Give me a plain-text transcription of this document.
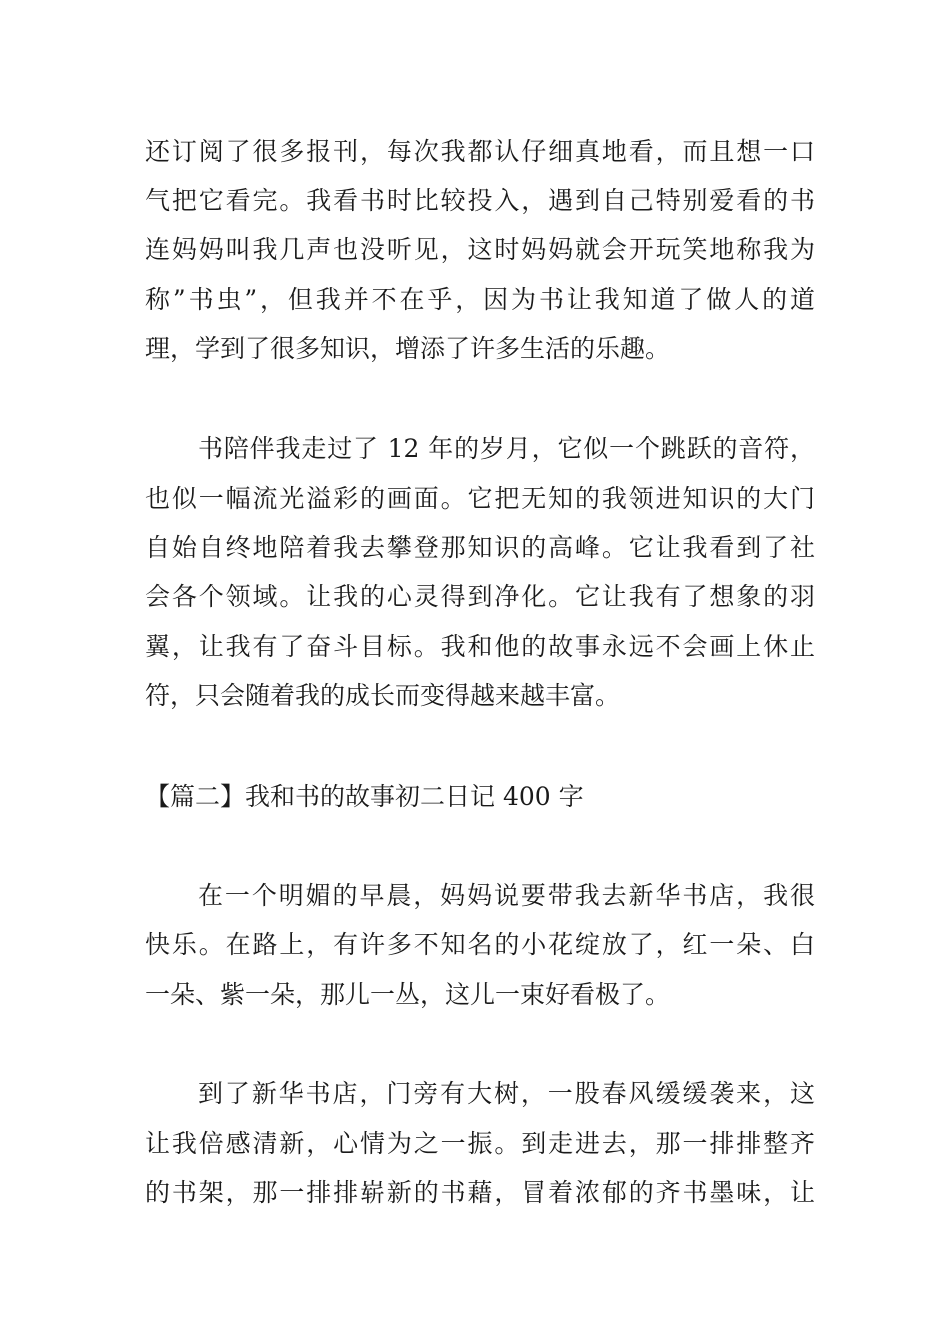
还订阅了很多报刊，每次我都认仔细真地看，而且想一口

气把它看完。我看书时比较投入，遇到自己特别爱看的书

连妈妈叫我几声也没听见，这时妈妈就会开玩笑地称我为

称”书虫”，但我并不在乎，因为书让我知道了做人的道

理，学到了很多知识，增添了许多生活的乐趣。

书陪伴我走过了 12 年的岁月，它似一个跳跃的音符，

也似一幅流光溢彩的画面。它把无知的我领进知识的大门

自始自终地陪着我去攀登那知识的高峰。它让我看到了社

会各个领域。让我的心灵得到净化。它让我有了想象的羽

翼，让我有了奋斗目标。我和他的故事永远不会画上休止

符，只会随着我的成长而变得越来越丰富。

【篇二】我和书的故事初二日记 400 字

在一个明媚的早晨，妈妈说要带我去新华书店，我很

快乐。在路上，有许多不知名的小花绽放了，红一朵、白

一朵、紫一朵，那儿一丛，这儿一束好看极了。

到了新华书店，门旁有大树，一股春风缓缓袭来，这

让我倍感清新，心情为之一振。到走进去，那一排排整齐

的书架，那一排排崭新的书藉，冒着浓郁的齐书墨味，让
